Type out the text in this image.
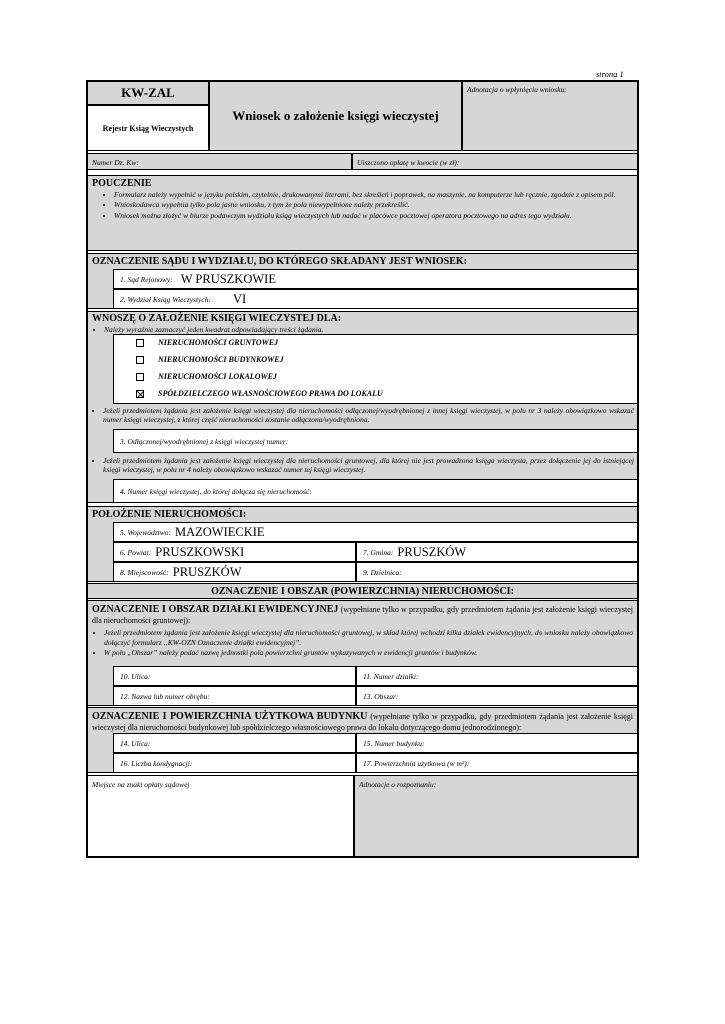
strona 1
KW-ZAL
Rejestr Ksiąg Wieczystych
Wniosek o założenie księgi wieczystej
Adnotacja o wpłynięciu wniosku:
Numer Dz. Kw:	Uiszczono opłatę w kwocie (w zł):
POUCZENIE
• Formularz należy wypełnić w języku polskim, czytelnie, drukowanymi literami, bez skreśleń i poprawek, na maszynie, na komputerze lub ręcznie, zgodnie z opisem pól.
• Wnioskodawca wypełnia tylko pola jasne wniosku, z tym że pola niewypełnione należy przekreślić.
• Wniosek można złożyć w biurze podawczym wydziału ksiąg wieczystych lub nadać w placówce pocztowej operatora pocztowego na adres tego wydziału.
OZNACZENIE SĄDU I WYDZIAŁU, DO KTÓREGO SKŁADANY JEST WNIOSEK:
1. Sąd Rejonowy: W PRUSZKOWIE
2. Wydział Ksiąg Wieczystych: VI
WNOSZĘ O ZAŁOŻENIE KSIĘGI WIECZYSTEJ DLA:
• Należy wyraźnie zaznaczyć jeden kwadrat odpowiadający treści żądania.
NIERUCHOMOŚCI GRUNTOWEJ
NIERUCHOMOŚCI BUDYNKOWEJ
NIERUCHOMOŚCI LOKALOWEJ
SPÓŁDZIELCZEGO WŁASNOŚCIOWEGO PRAWA DO LOKALU
• Jeżeli przedmiotem żądania jest założenie księgi wieczystej dla nieruchomości odłączonej/wyodrębnionej z innej księgi wieczystej, w polu nr 3 należy obowiązkowo wskazać numer księgi wieczystej, z której część nieruchomości zostanie odłączona/wyodrębniona.
3. Odłączonej/wyodrębnionej z księgi wieczystej numer:
• Jeżeli przedmiotem żądania jest założenie księgi wieczystej dla nieruchomości gruntowej, dla której nie jest prowadzona księga wieczysta, przez dołączenie jej do istniejącej księgi wieczystej, w polu nr 4 należy obowiązkowo wskazać numer tej księgi wieczystej.
4. Numer księgi wieczystej, do której dołącza się nieruchomość:
POŁOŻENIE NIERUCHOMOŚCI:
5. Województwo: MAZOWIECKIE
6. Powiat: PRUSZKOWSKI	7. Gmina: PRUSZKÓW
8. Miejscowość: PRUSZKÓW	9. Dzielnica:
OZNACZENIE I OBSZAR (POWIERZCHNIA) NIERUCHOMOŚCI:
OZNACZENIE I OBSZAR DZIAŁKI EWIDENCYJNEJ (wypełniane tylko w przypadku, gdy przedmiotem żądania jest założenie księgi wieczystej dla nieruchomości gruntowej):
• Jeżeli przedmiotem żądania jest założenie księgi wieczystej dla nieruchomości gruntowej, w skład której wchodzi kilka działek ewidencyjnych, do wniosku należy obowiązkowo dołączyć formularz „KW-OZN Oznaczenie działki ewidencyjnej”.
• W polu „Obszar” należy podać nazwę jednostki pola powierzchni gruntów wykazywanych w ewidencji gruntów i budynków.
10. Ulica:	11. Numer działki:
12. Nazwa lub numer obrębu:	13. Obszar:
OZNACZENIE I POWIERZCHNIA UŻYTKOWA BUDYNKU (wypełniane tylko w przypadku, gdy przedmiotem żądania jest założenie księgi wieczystej dla nieruchomości budynkowej lub spółdzielczego własnościowego prawa do lokalu dotyczącego domu jednorodzinnego):
14. Ulica:	15. Numer budynku:
16. Liczba kondygnacji:	17. Powierzchnia użytkowa (w m²):
Miejsce na znaki opłaty sądowej	Adnotacje o rozpoznaniu:
